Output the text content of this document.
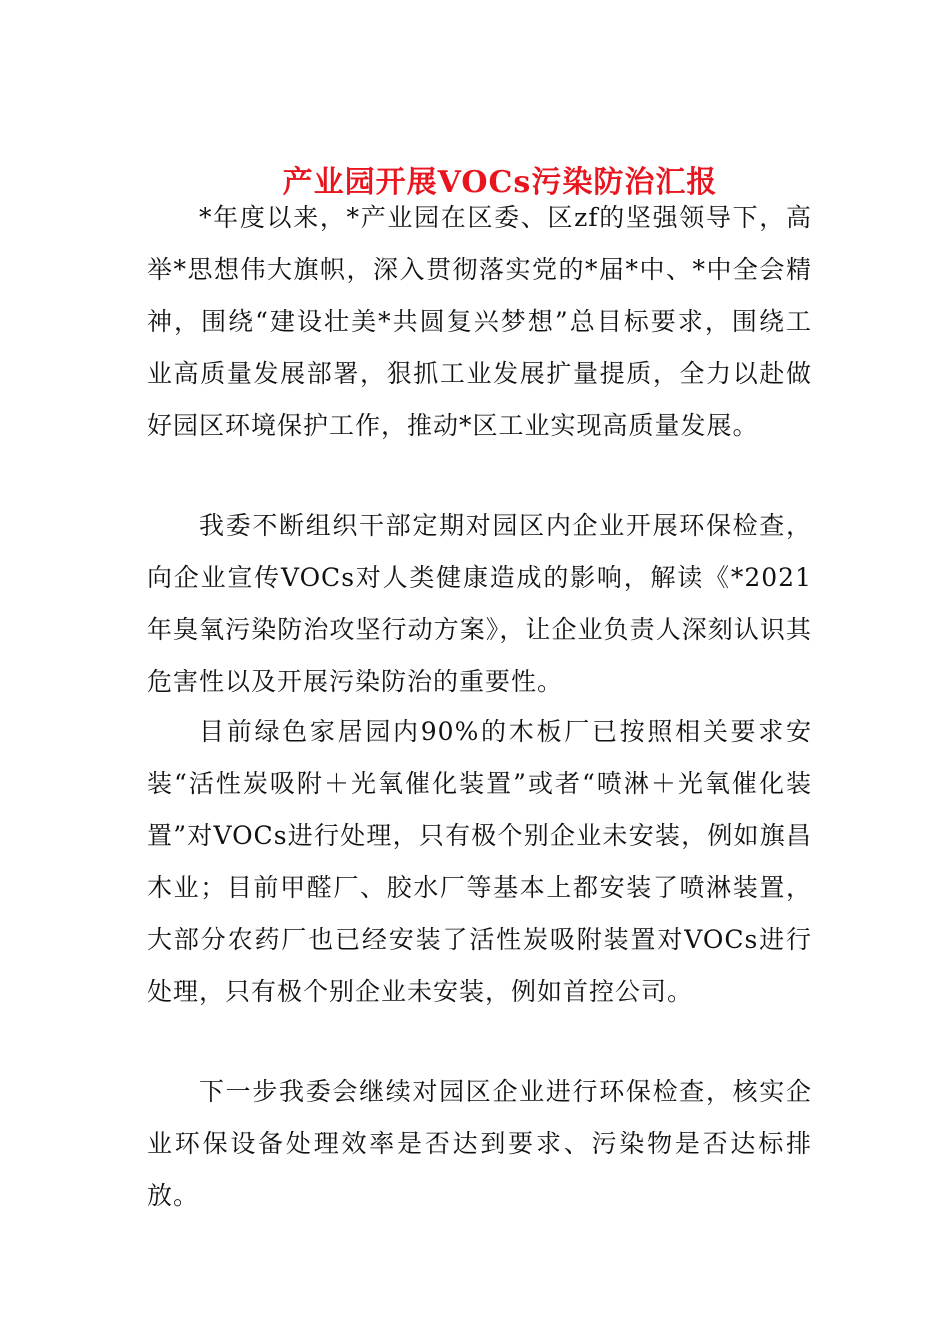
产业园开展VOCs污染防治汇报

*年度以来，*产业园在区委、区zf的坚强领导下，高举*思想伟大旗帜，深入贯彻落实党的*届*中、*中全会精神，围绕“建设壮美*共圆复兴梦想”总目标要求，围绕工业高质量发展部署，狠抓工业发展扩量提质，全力以赴做好园区环境保护工作，推动*区工业实现高质量发展。

我委不断组织干部定期对园区内企业开展环保检查，向企业宣传VOCs对人类健康造成的影响，解读《*2021年臭氧污染防治攻坚行动方案》，让企业负责人深刻认识其危害性以及开展污染防治的重要性。

目前绿色家居园内90%的木板厂已按照相关要求安装“活性炭吸附＋光氧催化装置”或者“喷淋＋光氧催化装置”对VOCs进行处理，只有极个别企业未安装，例如旗昌木业；目前甲醛厂、胶水厂等基本上都安装了喷淋装置，大部分农药厂也已经安装了活性炭吸附装置对VOCs进行处理，只有极个别企业未安装，例如首控公司。

下一步我委会继续对园区企业进行环保检查，核实企业环保设备处理效率是否达到要求、污染物是否达标排放。
